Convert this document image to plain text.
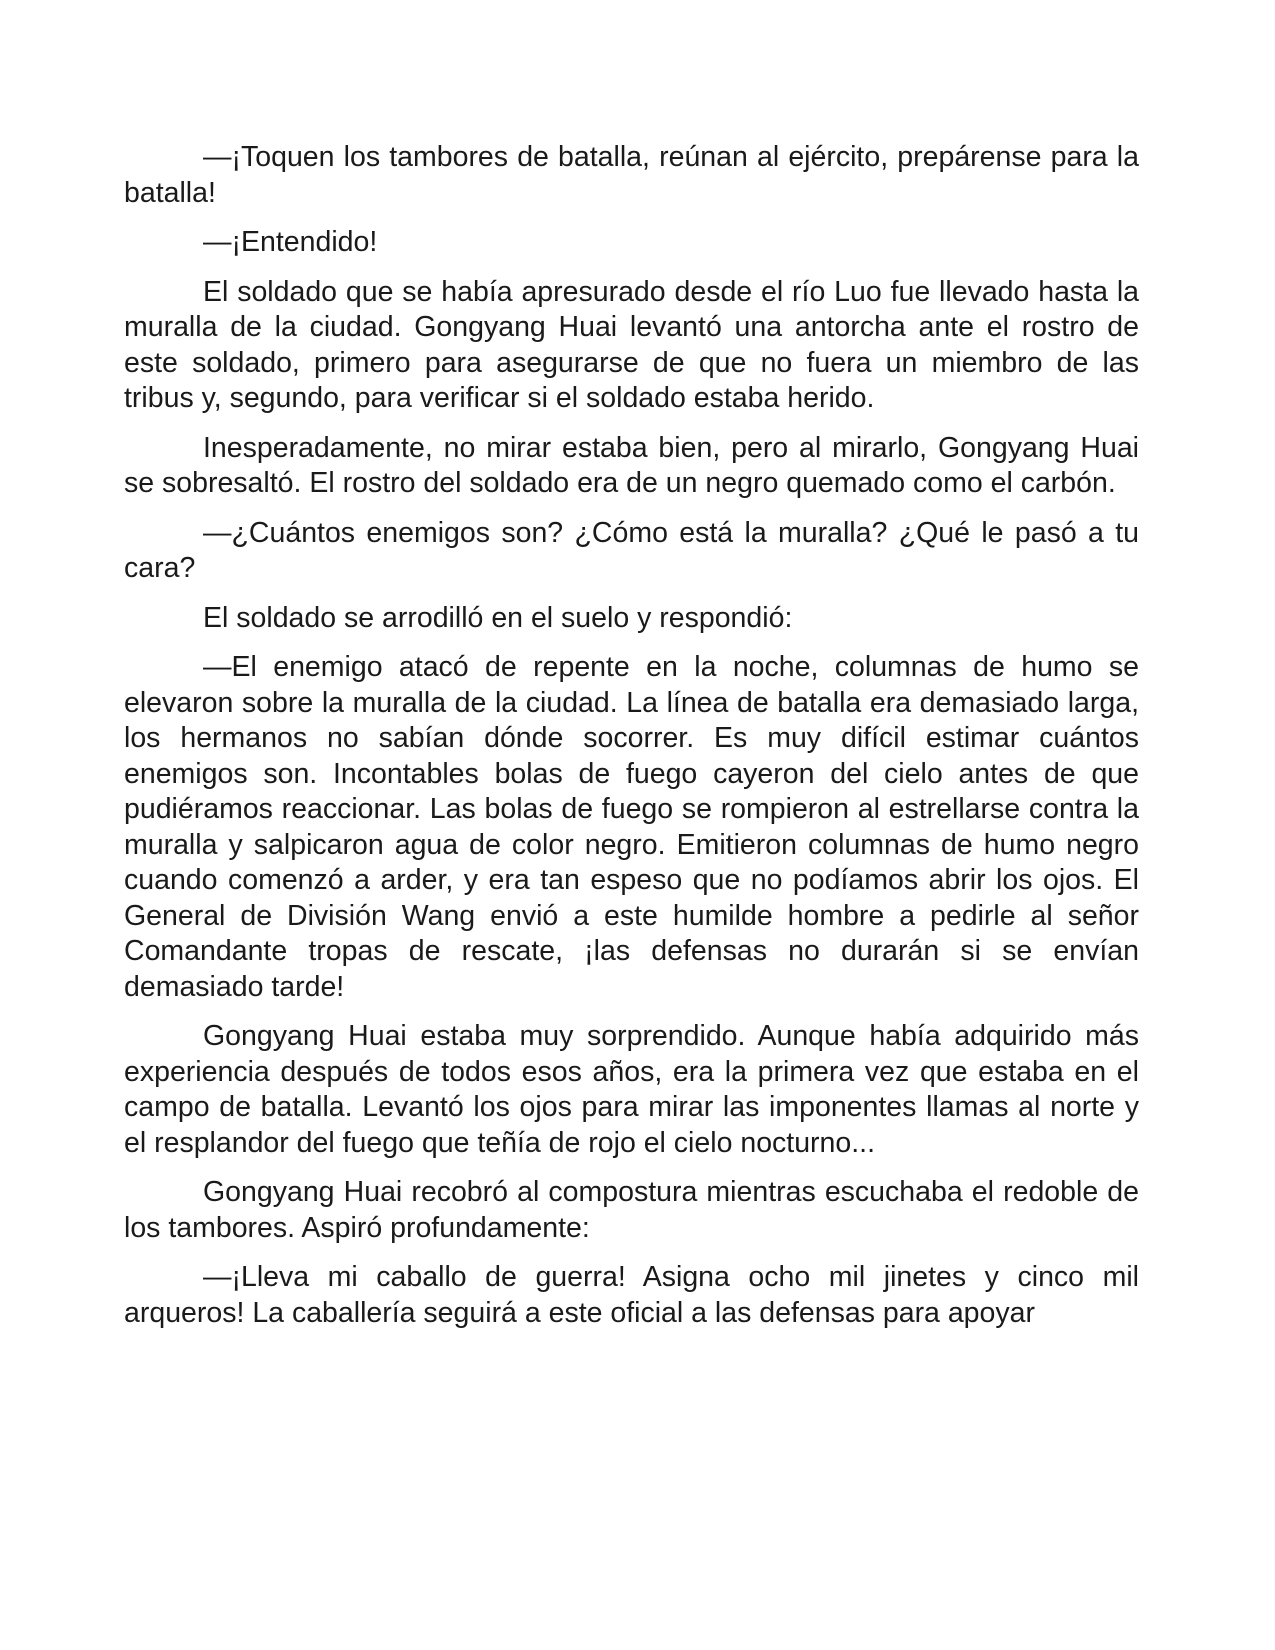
—¡Toquen los tambores de batalla, reúnan al ejército, prepárense para la batalla!

—¡Entendido!

El soldado que se había apresurado desde el río Luo fue llevado hasta la muralla de la ciudad. Gongyang Huai levantó una antorcha ante el rostro de este soldado, primero para asegurarse de que no fuera un miembro de las tribus y, segundo, para verificar si el soldado estaba herido.

Inesperadamente, no mirar estaba bien, pero al mirarlo, Gongyang Huai se sobresaltó. El rostro del soldado era de un negro quemado como el carbón.

—¿Cuántos enemigos son? ¿Cómo está la muralla? ¿Qué le pasó a tu cara?

El soldado se arrodilló en el suelo y respondió:

—El enemigo atacó de repente en la noche, columnas de humo se elevaron sobre la muralla de la ciudad. La línea de batalla era demasiado larga, los hermanos no sabían dónde socorrer. Es muy difícil estimar cuántos enemigos son. Incontables bolas de fuego cayeron del cielo antes de que pudiéramos reaccionar. Las bolas de fuego se rompieron al estrellarse contra la muralla y salpicaron agua de color negro. Emitieron columnas de humo negro cuando comenzó a arder, y era tan espeso que no podíamos abrir los ojos. El General de División Wang envió a este humilde hombre a pedirle al señor Comandante tropas de rescate, ¡las defensas no durarán si se envían demasiado tarde!

Gongyang Huai estaba muy sorprendido. Aunque había adquirido más experiencia después de todos esos años, era la primera vez que estaba en el campo de batalla. Levantó los ojos para mirar las imponentes llamas al norte y el resplandor del fuego que teñía de rojo el cielo nocturno...

Gongyang Huai recobró al compostura mientras escuchaba el redoble de los tambores. Aspiró profundamente:

—¡Lleva mi caballo de guerra! Asigna ocho mil jinetes y cinco mil arqueros! La caballería seguirá a este oficial a las defensas para apoyar
